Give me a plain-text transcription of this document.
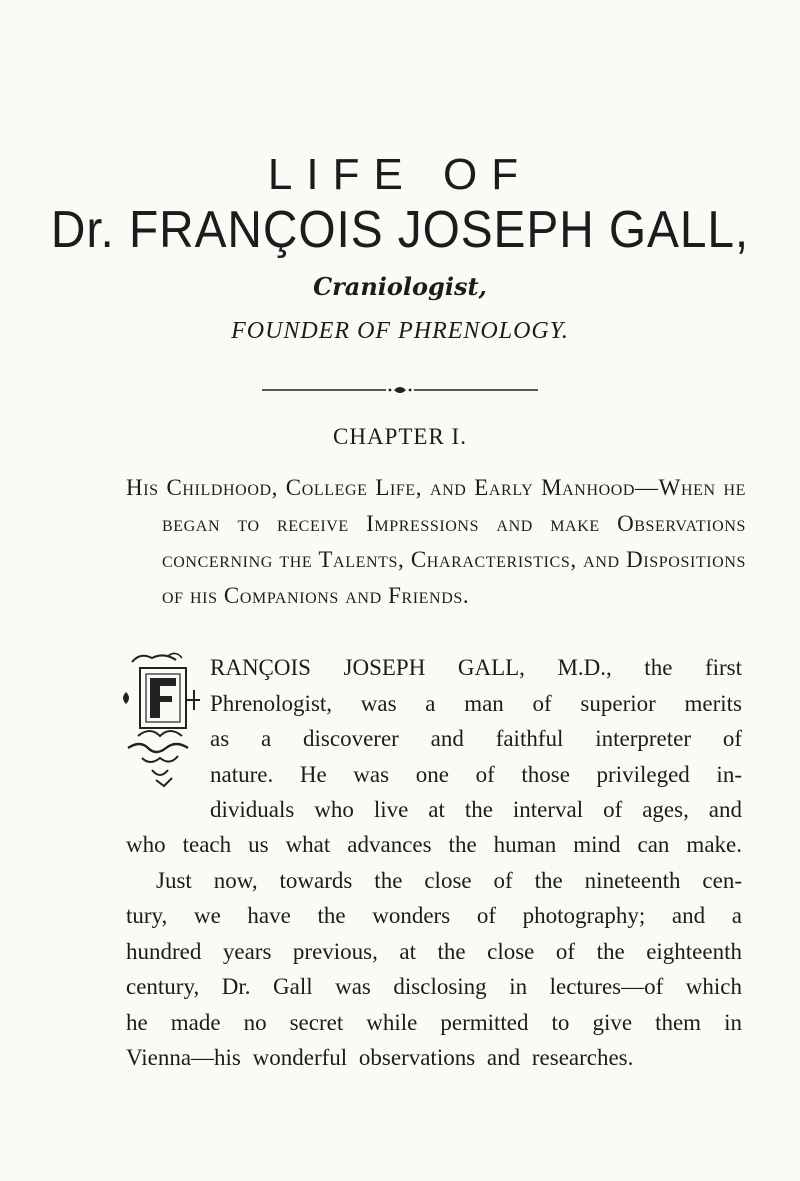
LIFE OF
Dr. FRANÇOIS JOSEPH GALL,
Craniologist,
FOUNDER OF PHRENOLOGY.
CHAPTER I.
His Childhood, College Life, and Early Manhood—When he began to receive Impressions and make Observations concerning the Talents, Characteristics, and Dispositions of his Companions and Friends.
RANÇOIS JOSEPH GALL, M.D., the first
Phrenologist, was a man of superior merits
as a discoverer and faithful interpreter of
nature. He was one of those privileged in-
dividuals who live at the interval of ages, and
who teach us what advances the human mind can make.
Just now, towards the close of the nineteenth cen-
tury, we have the wonders of photography; and a
hundred years previous, at the close of the eighteenth
century, Dr. Gall was disclosing in lectures—of which
he made no secret while permitted to give them in
Vienna—his wonderful observations and researches.
